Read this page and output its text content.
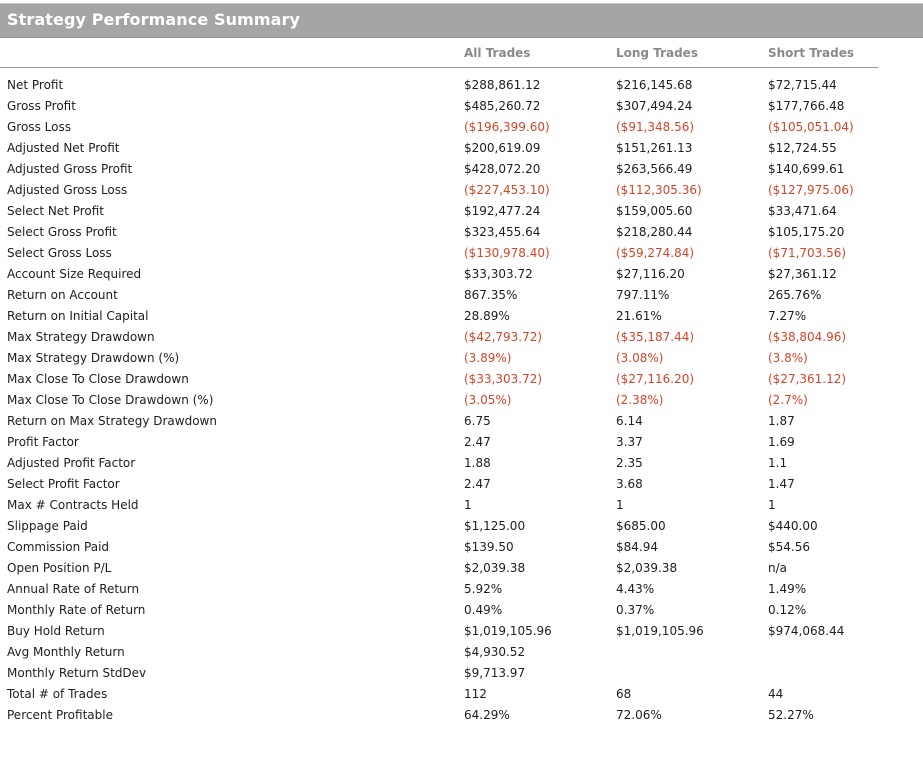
Strategy Performance Summary
All Trades	Long Trades	Short Trades
Net Profit	$288,861.12	$216,145.68	$72,715.44
Gross Profit	$485,260.72	$307,494.24	$177,766.48
Gross Loss	($196,399.60)	($91,348.56)	($105,051.04)
Adjusted Net Profit	$200,619.09	$151,261.13	$12,724.55
Adjusted Gross Profit	$428,072.20	$263,566.49	$140,699.61
Adjusted Gross Loss	($227,453.10)	($112,305.36)	($127,975.06)
Select Net Profit	$192,477.24	$159,005.60	$33,471.64
Select Gross Profit	$323,455.64	$218,280.44	$105,175.20
Select Gross Loss	($130,978.40)	($59,274.84)	($71,703.56)
Account Size Required	$33,303.72	$27,116.20	$27,361.12
Return on Account	867.35%	797.11%	265.76%
Return on Initial Capital	28.89%	21.61%	7.27%
Max Strategy Drawdown	($42,793.72)	($35,187.44)	($38,804.96)
Max Strategy Drawdown (%)	(3.89%)	(3.08%)	(3.8%)
Max Close To Close Drawdown	($33,303.72)	($27,116.20)	($27,361.12)
Max Close To Close Drawdown (%)	(3.05%)	(2.38%)	(2.7%)
Return on Max Strategy Drawdown	6.75	6.14	1.87
Profit Factor	2.47	3.37	1.69
Adjusted Profit Factor	1.88	2.35	1.1
Select Profit Factor	2.47	3.68	1.47
Max # Contracts Held	1	1	1
Slippage Paid	$1,125.00	$685.00	$440.00
Commission Paid	$139.50	$84.94	$54.56
Open Position P/L	$2,039.38	$2,039.38	n/a
Annual Rate of Return	5.92%	4.43%	1.49%
Monthly Rate of Return	0.49%	0.37%	0.12%
Buy Hold Return	$1,019,105.96	$1,019,105.96	$974,068.44
Avg Monthly Return	$4,930.52
Monthly Return StdDev	$9,713.97
Total # of Trades	112	68	44
Percent Profitable	64.29%	72.06%	52.27%
